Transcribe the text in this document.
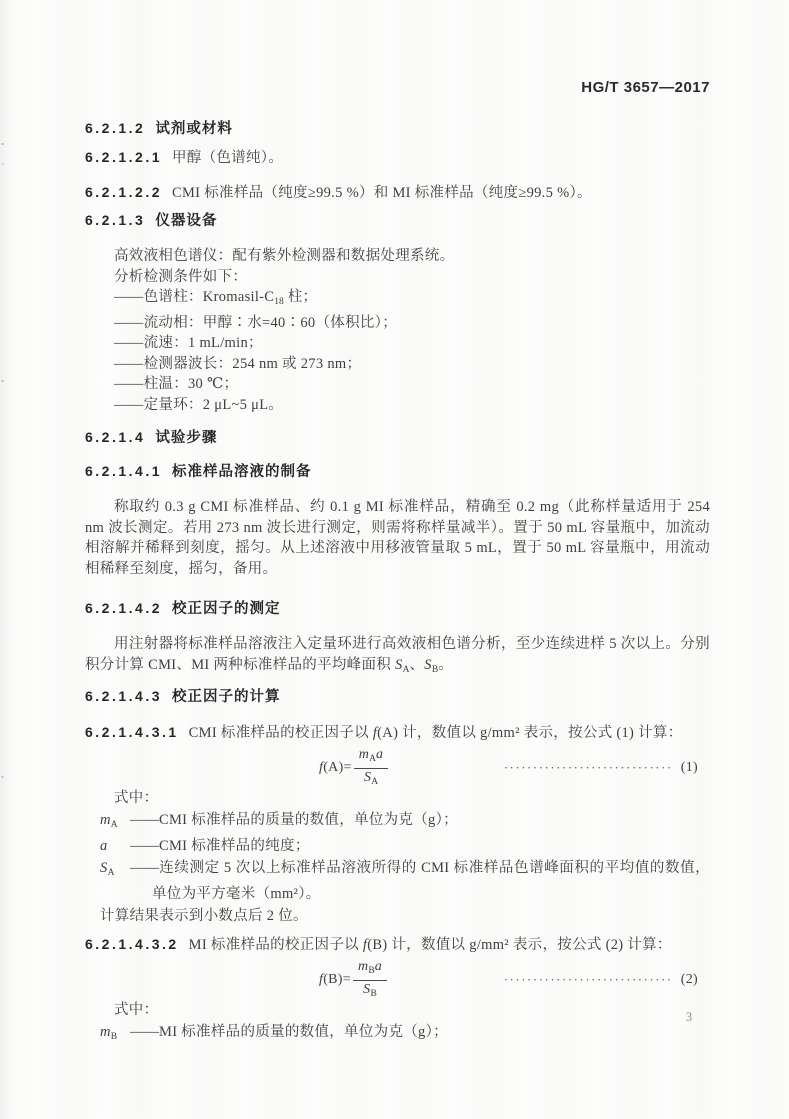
HG/T 3657—2017
6.2.1.2 试剂或材料
6.2.1.2.1 甲醇（色谱纯）。
6.2.1.2.2 CMI 标准样品（纯度≥99.5 %）和 MI 标准样品（纯度≥99.5 %）。
6.2.1.3 仪器设备
高效液相色谱仪：配有紫外检测器和数据处理系统。
分析检测条件如下：
——色谱柱：Kromasil-$C_{18}$ 柱；
——流动相：甲醇∶水=40∶60（体积比）；
——流速：1 mL/min；
——检测器波长：254 nm 或 273 nm；
——柱温：30 ℃；
——定量环：2 μL~5 μL。
6.2.1.4 试验步骤
6.2.1.4.1 标准样品溶液的制备
称取约 0.3 g CMI 标准样品、约 0.1 g MI 标准样品，精确至 0.2 mg（此称样量适用于 254 nm 波长测定。若用 273 nm 波长进行测定，则需将称样量减半）。置于 50 mL 容量瓶中，加流动相溶解并稀释到刻度，摇匀。从上述溶液中用移液管量取 5 mL，置于 50 mL 容量瓶中，用流动相稀释至刻度，摇匀，备用。
6.2.1.4.2 校正因子的测定
用注射器将标准样品溶液注入定量环进行高效液相色谱分析，至少连续进样 5 次以上。分别积分计算 CMI、MI 两种标准样品的平均峰面积 $S_A$、$S_B$。
6.2.1.4.3 校正因子的计算
6.2.1.4.3.1 CMI 标准样品的校正因子以 f(A) 计，数值以 g/mm² 表示，按公式 (1) 计算：
f $(A) = \frac{m_Aa}{S_A}$	····························· (1)
式中：
$m_A$ ——CMI 标准样品的质量的数值，单位为克（g）；
a ——CMI 标准样品的纯度；
$S_A$ ——连续测定 5 次以上标准样品溶液所得的 CMI 标准样品色谱峰面积的平均值的数值，单位为平方毫米（mm²）。
计算结果表示到小数点后 2 位。
6.2.1.4.3.2 MI 标准样品的校正因子以 f(B) 计，数值以 g/mm² 表示，按公式 (2) 计算：
f $(B) = \frac{m_Ba}{S_B}$	····························· (2)
式中：
$m_B$ ——MI 标准样品的质量的数值，单位为克（g）；
3
